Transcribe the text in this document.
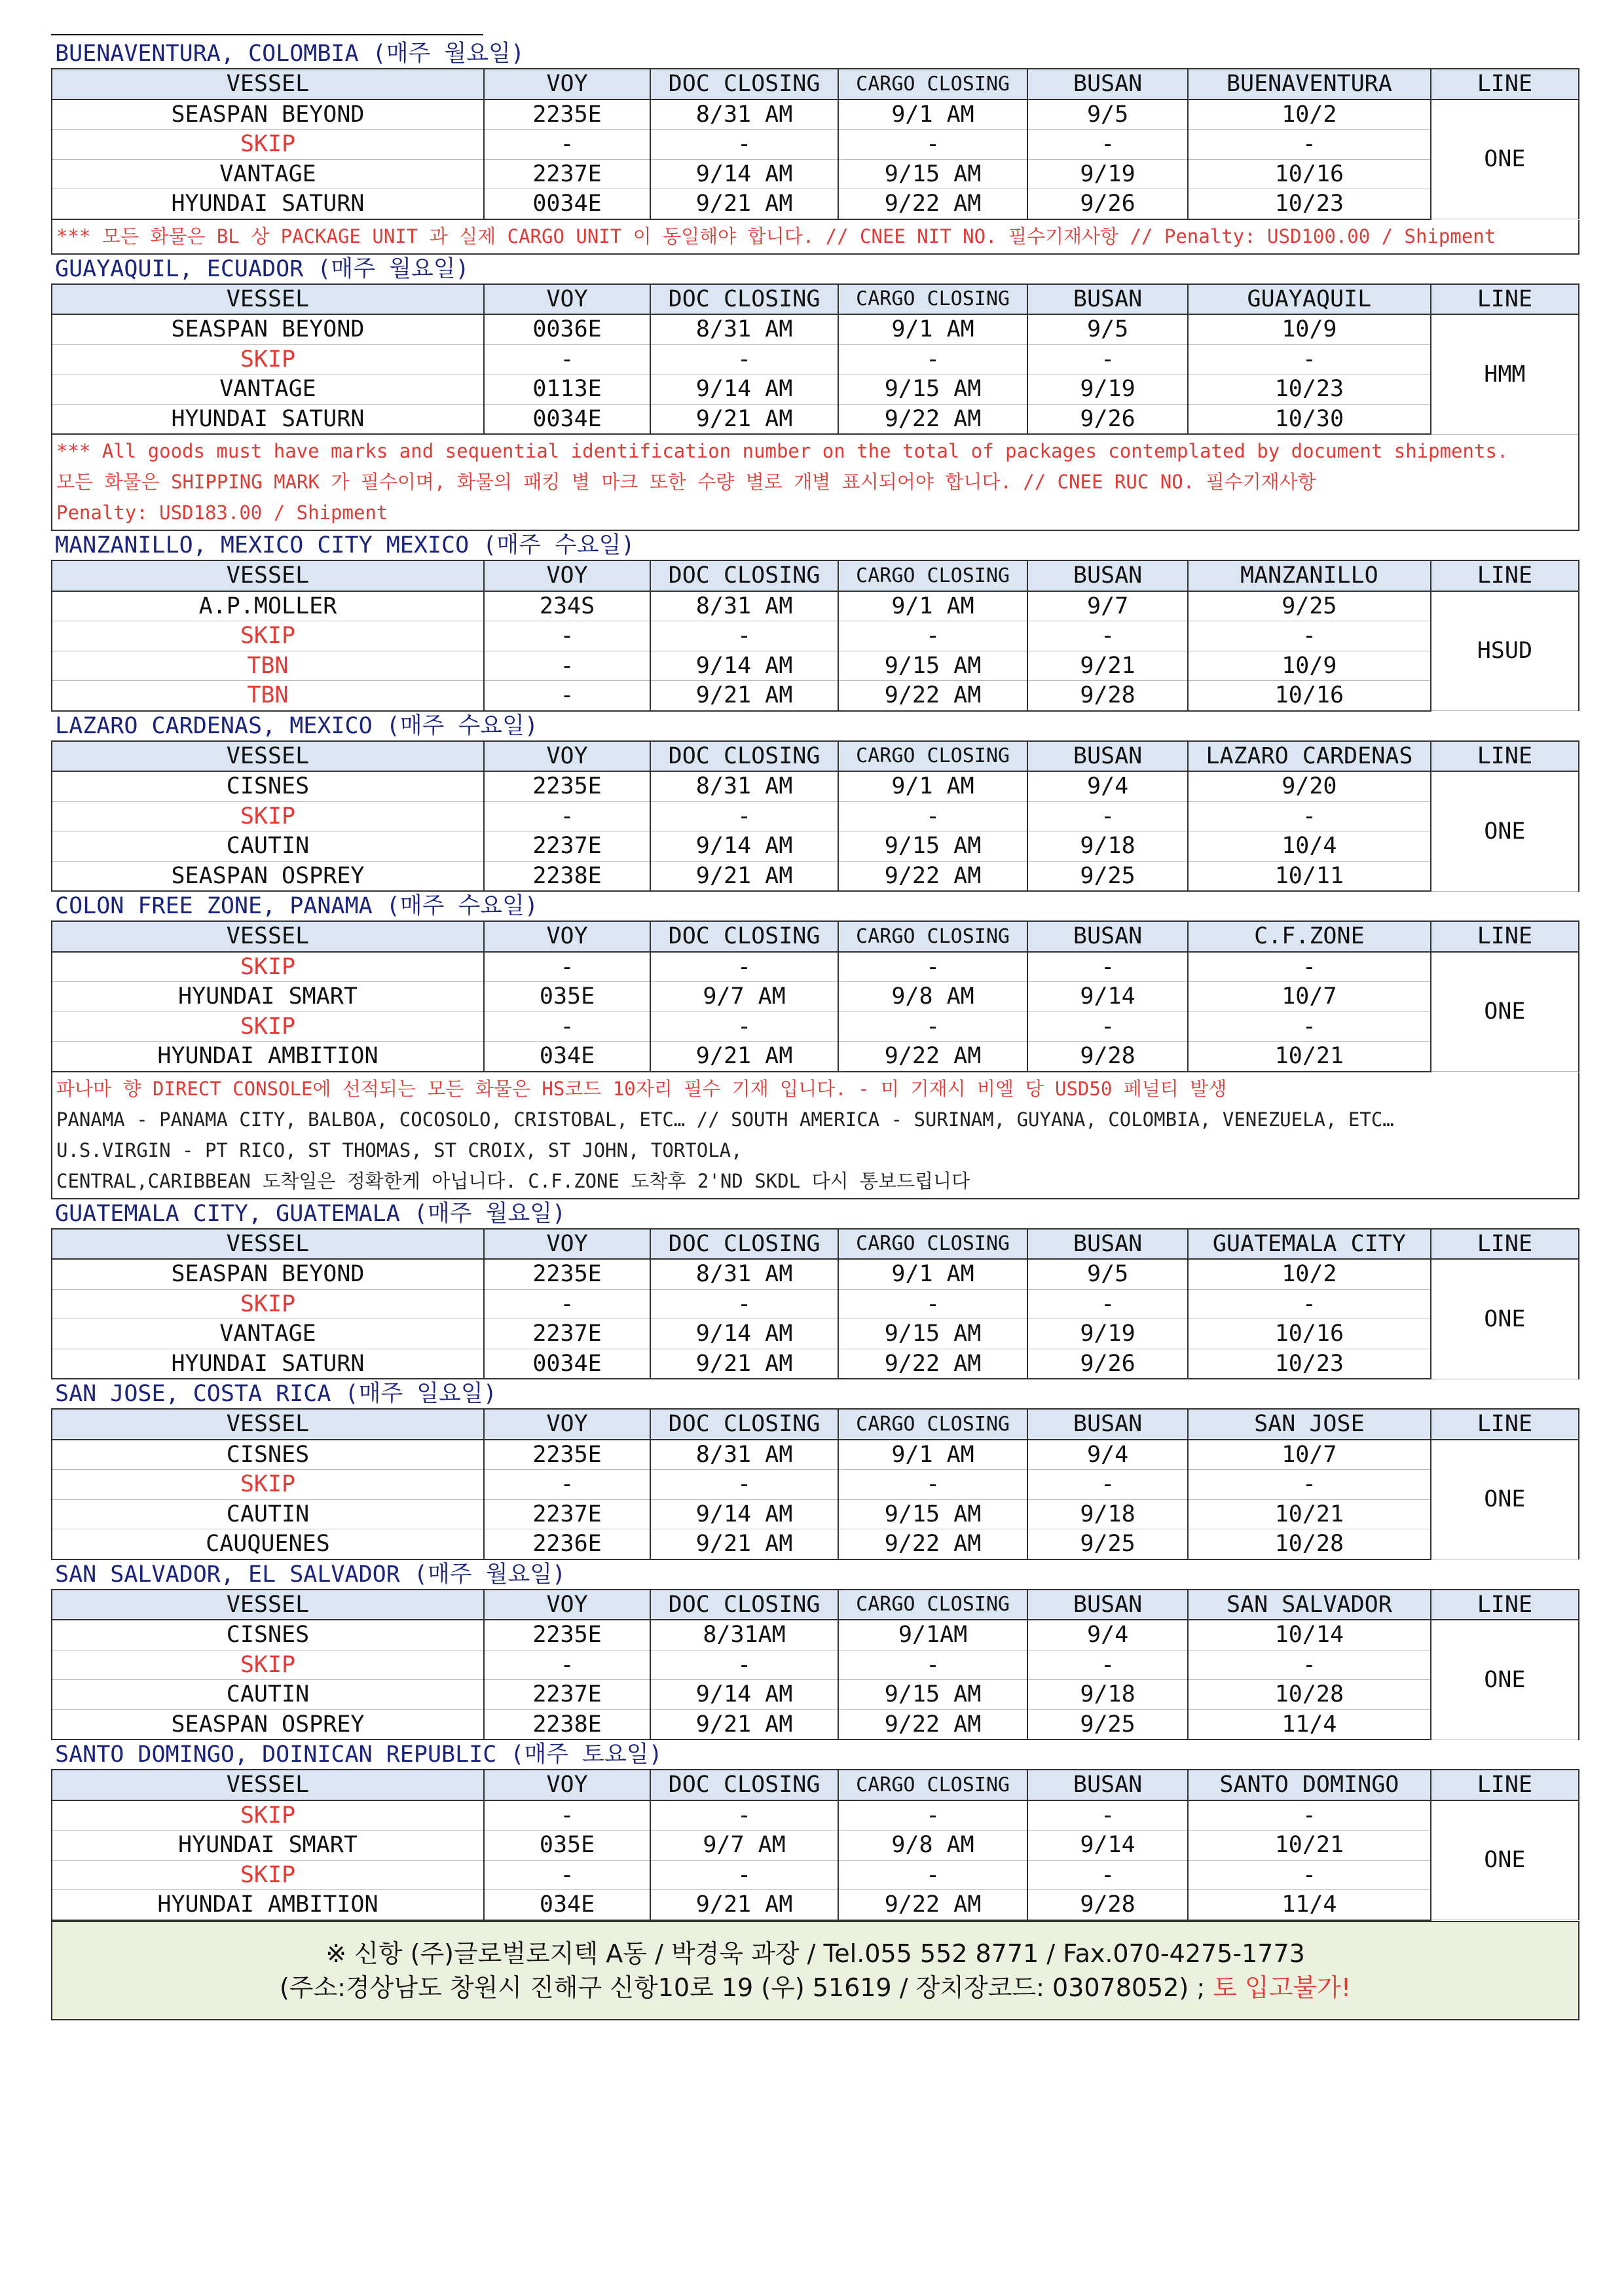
BUENAVENTURA, COLOMBIA (매주 월요일)
VESSEL	VOY	DOC CLOSING	CARGO CLOSING	BUSAN	BUENAVENTURA	LINE
SEASPAN BEYOND	2235E	8/31 AM	9/1 AM	9/5	10/2	ONE
SKIP	-	-	-	-	-	
VANTAGE	2237E	9/14 AM	9/15 AM	9/19	10/16	
HYUNDAI SATURN	0034E	9/21 AM	9/22 AM	9/26	10/23	
*** 모든 화물은 BL 상 PACKAGE UNIT 과 실제 CARGO UNIT 이 동일해야 합니다. // CNEE NIT NO. 필수기재사항 // Penalty: USD100.00 / Shipment
GUAYAQUIL, ECUADOR (매주 월요일)
VESSEL	VOY	DOC CLOSING	CARGO CLOSING	BUSAN	GUAYAQUIL	LINE
SEASPAN BEYOND	0036E	8/31 AM	9/1 AM	9/5	10/9	HMM
SKIP	-	-	-	-	-	
VANTAGE	0113E	9/14 AM	9/15 AM	9/19	10/23	
HYUNDAI SATURN	0034E	9/21 AM	9/22 AM	9/26	10/30	
*** All goods must have marks and sequential identification number on the total of packages contemplated by document shipments.
모든 화물은 SHIPPING MARK 가 필수이며, 화물의 패킹 별 마크 또한 수량 별로 개별 표시되어야 합니다. // CNEE RUC NO. 필수기재사항
Penalty: USD183.00 / Shipment
MANZANILLO, MEXICO CITY MEXICO (매주 수요일)
VESSEL	VOY	DOC CLOSING	CARGO CLOSING	BUSAN	MANZANILLO	LINE
A.P.MOLLER	234S	8/31 AM	9/1 AM	9/7	9/25	HSUD
SKIP	-	-	-	-	-	
TBN	-	9/14 AM	9/15 AM	9/21	10/9	
TBN	-	9/21 AM	9/22 AM	9/28	10/16	
LAZARO CARDENAS, MEXICO (매주 수요일)
VESSEL	VOY	DOC CLOSING	CARGO CLOSING	BUSAN	LAZARO CARDENAS	LINE
CISNES	2235E	8/31 AM	9/1 AM	9/4	9/20	ONE
SKIP	-	-	-	-	-	
CAUTIN	2237E	9/14 AM	9/15 AM	9/18	10/4	
SEASPAN OSPREY	2238E	9/21 AM	9/22 AM	9/25	10/11	
COLON FREE ZONE, PANAMA (매주 수요일)
VESSEL	VOY	DOC CLOSING	CARGO CLOSING	BUSAN	C.F.ZONE	LINE
SKIP	-	-	-	-	-	ONE
HYUNDAI SMART	035E	9/7 AM	9/8 AM	9/14	10/7	
SKIP	-	-	-	-	-	
HYUNDAI AMBITION	034E	9/21 AM	9/22 AM	9/28	10/21	
파나마 향 DIRECT CONSOLE에 선적되는 모든 화물은 HS코드 10자리 필수 기재 입니다. - 미 기재시 비엘 당 USD50 페널티 발생
PANAMA - PANAMA CITY, BALBOA, COCOSOLO, CRISTOBAL, ETC… // SOUTH AMERICA - SURINAM, GUYANA, COLOMBIA, VENEZUELA, ETC…
U.S.VIRGIN - PT RICO, ST THOMAS, ST CROIX, ST JOHN, TORTOLA,
CENTRAL,CARIBBEAN 도착일은 정확한게 아닙니다. C.F.ZONE 도착후 2'ND SKDL 다시 통보드립니다
GUATEMALA CITY, GUATEMALA (매주 월요일)
VESSEL	VOY	DOC CLOSING	CARGO CLOSING	BUSAN	GUATEMALA CITY	LINE
SEASPAN BEYOND	2235E	8/31 AM	9/1 AM	9/5	10/2	ONE
SKIP	-	-	-	-	-	
VANTAGE	2237E	9/14 AM	9/15 AM	9/19	10/16	
HYUNDAI SATURN	0034E	9/21 AM	9/22 AM	9/26	10/23	
SAN JOSE, COSTA RICA (매주 일요일)
VESSEL	VOY	DOC CLOSING	CARGO CLOSING	BUSAN	SAN JOSE	LINE
CISNES	2235E	8/31 AM	9/1 AM	9/4	10/7	ONE
SKIP	-	-	-	-	-	
CAUTIN	2237E	9/14 AM	9/15 AM	9/18	10/21	
CAUQUENES	2236E	9/21 AM	9/22 AM	9/25	10/28	
SAN SALVADOR, EL SALVADOR (매주 월요일)
VESSEL	VOY	DOC CLOSING	CARGO CLOSING	BUSAN	SAN SALVADOR	LINE
CISNES	2235E	8/31AM	9/1AM	9/4	10/14	ONE
SKIP	-	-	-	-	-	
CAUTIN	2237E	9/14 AM	9/15 AM	9/18	10/28	
SEASPAN OSPREY	2238E	9/21 AM	9/22 AM	9/25	11/4	
SANTO DOMINGO, DOINICAN REPUBLIC (매주 토요일)
VESSEL	VOY	DOC CLOSING	CARGO CLOSING	BUSAN	SANTO DOMINGO	LINE
SKIP	-	-	-	-	-	ONE
HYUNDAI SMART	035E	9/7 AM	9/8 AM	9/14	10/21	
SKIP	-	-	-	-	-	
HYUNDAI AMBITION	034E	9/21 AM	9/22 AM	9/28	11/4	
※ 신항 (주)글로벌로지텍 A동 / 박경욱 과장 / Tel.055 552 8771 / Fax.070-4275-1773
(주소:경상남도 창원시 진해구 신항10로 19 (우) 51619 / 장치장코드: 03078052) ; 토 입고불가!
